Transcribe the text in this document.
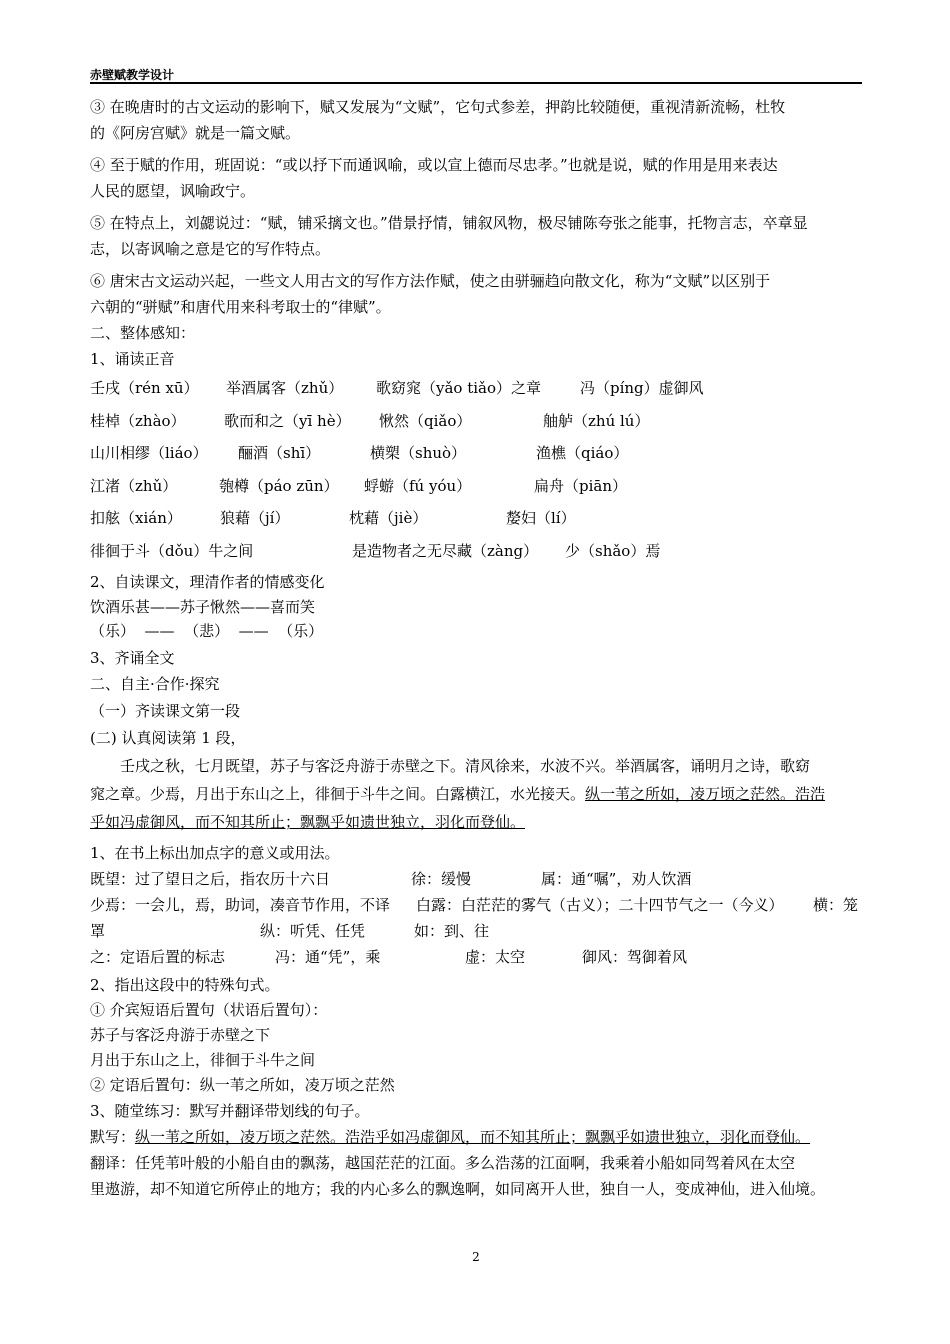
赤壁赋教学设计
③ 在晚唐时的古文运动的影响下，赋又发展为“文赋”，它句式参差，押韵比较随便，重视清新流畅，杜牧
的《阿房宫赋》就是一篇文赋。
④ 至于赋的作用，班固说：“或以抒下而通讽喻，或以宣上德而尽忠孝。”也就是说，赋的作用是用来表达
人民的愿望，讽喻政宁。
⑤ 在特点上，刘勰说过：“赋，铺采摛文也。”借景抒情，铺叙风物，极尽铺陈夸张之能事，托物言志，卒章显
志，以寄讽喻之意是它的写作特点。
⑥ 唐宋古文运动兴起，一些文人用古文的写作方法作赋，使之由骈骊趋向散文化，称为“文赋”以区别于
六朝的“骈赋”和唐代用来科考取士的“律赋”。
二、整体感知：
1、诵读正音
壬戌（rén xū） 举酒属客（zhǔ） 歌窈窕（yǎo tiǎo）之章	冯（píng）虚御风
桂棹（zhào）	歌而和之（yī hè） 愀然（qiǎo）	舳舻（zhú lú）
山川相缪（liáo） 酾酒（shī）	横槊（shuò）	渔樵（qiáo）
江渚（zhǔ）	匏樽（páo zūn） 蜉蝣（fú yóu）	扁舟（piān）
扣舷（xián）	狼藉（jí）	枕藉（jiè）	嫠妇（lí）
徘徊于斗（dǒu）牛之间	是造物者之无尽藏（zàng） 少（shǎo）焉
2、自读课文，理清作者的情感变化
饮酒乐甚——苏子愀然——喜而笑
（乐）  ——  （悲）  ——  （乐）
3、齐诵全文
二、自主·合作·探究
（一）齐读课文第一段
(二) 认真阅读第 1 段，
壬戌之秋，七月既望，苏子与客泛舟游于赤壁之下。清风徐来，水波不兴。举酒属客，诵明月之诗，歌窈
窕之章。少焉，月出于东山之上，徘徊于斗牛之间。白露横江，水光接天。纵一苇之所如，凌万顷之茫然。浩浩
乎如冯虚御风，而不知其所止；飘飘乎如遗世独立，羽化而登仙。
1、在书上标出加点字的意义或用法。
既望：过了望日之后，指农历十六日	徐：缓慢	属：通“嘱”，劝人饮酒
少焉：一会儿，焉，助词，凑音节作用，不译 白露：白茫茫的雾气（古义）；二十四节气之一（今义） 横：笼
罩	纵：听凭、任凭	如：到、往
之：定语后置的标志	冯：通“凭”，乘	虚：太空	御风：驾御着风
2、指出这段中的特殊句式。
① 介宾短语后置句（状语后置句）：
苏子与客泛舟游于赤壁之下
月出于东山之上，徘徊于斗牛之间
② 定语后置句：纵一苇之所如，凌万顷之茫然
3、随堂练习：默写并翻译带划线的句子。
默写：纵一苇之所如，凌万顷之茫然。浩浩乎如冯虚御风，而不知其所止；飘飘乎如遗世独立，羽化而登仙。
翻译：任凭苇叶般的小船自由的飘荡，越国茫茫的江面。多么浩荡的江面啊，我乘着小船如同驾着风在太空
里遨游，却不知道它所停止的地方；我的内心多么的飘逸啊，如同离开人世，独自一人，变成神仙，进入仙境。
2
